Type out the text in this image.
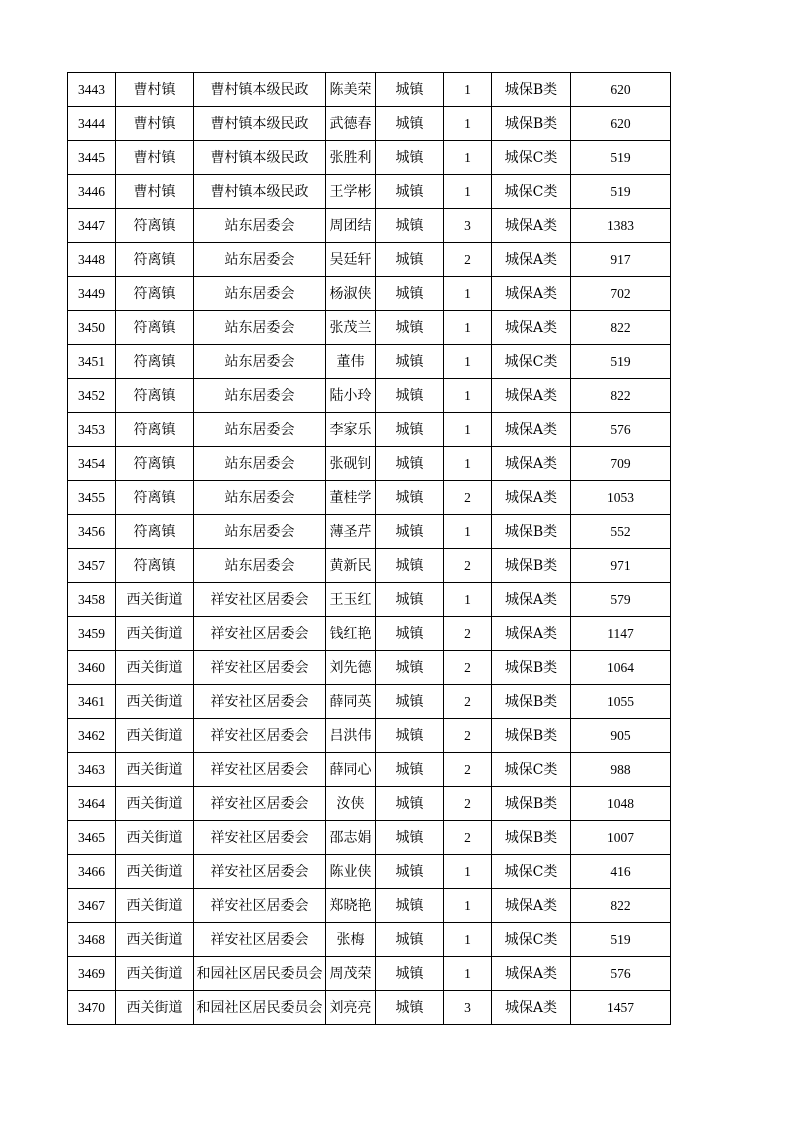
3443	曹村镇	曹村镇本级民政	陈美荣	城镇	1	城保B类	620
3444	曹村镇	曹村镇本级民政	武德春	城镇	1	城保B类	620
3445	曹村镇	曹村镇本级民政	张胜利	城镇	1	城保C类	519
3446	曹村镇	曹村镇本级民政	王学彬	城镇	1	城保C类	519
3447	符离镇	站东居委会	周团结	城镇	3	城保A类	1383
3448	符离镇	站东居委会	吴廷轩	城镇	2	城保A类	917
3449	符离镇	站东居委会	杨淑侠	城镇	1	城保A类	702
3450	符离镇	站东居委会	张茂兰	城镇	1	城保A类	822
3451	符离镇	站东居委会	董伟	城镇	1	城保C类	519
3452	符离镇	站东居委会	陆小玲	城镇	1	城保A类	822
3453	符离镇	站东居委会	李家乐	城镇	1	城保A类	576
3454	符离镇	站东居委会	张砚钊	城镇	1	城保A类	709
3455	符离镇	站东居委会	董桂学	城镇	2	城保A类	1053
3456	符离镇	站东居委会	薄圣芹	城镇	1	城保B类	552
3457	符离镇	站东居委会	黄新民	城镇	2	城保B类	971
3458	西关街道	祥安社区居委会	王玉红	城镇	1	城保A类	579
3459	西关街道	祥安社区居委会	钱红艳	城镇	2	城保A类	1147
3460	西关街道	祥安社区居委会	刘先德	城镇	2	城保B类	1064
3461	西关街道	祥安社区居委会	薛同英	城镇	2	城保B类	1055
3462	西关街道	祥安社区居委会	吕洪伟	城镇	2	城保B类	905
3463	西关街道	祥安社区居委会	薛同心	城镇	2	城保C类	988
3464	西关街道	祥安社区居委会	汝侠	城镇	2	城保B类	1048
3465	西关街道	祥安社区居委会	邵志娟	城镇	2	城保B类	1007
3466	西关街道	祥安社区居委会	陈业侠	城镇	1	城保C类	416
3467	西关街道	祥安社区居委会	郑晓艳	城镇	1	城保A类	822
3468	西关街道	祥安社区居委会	张梅	城镇	1	城保C类	519
3469	西关街道	和园社区居民委员会	周茂荣	城镇	1	城保A类	576
3470	西关街道	和园社区居民委员会	刘亮亮	城镇	3	城保A类	1457
